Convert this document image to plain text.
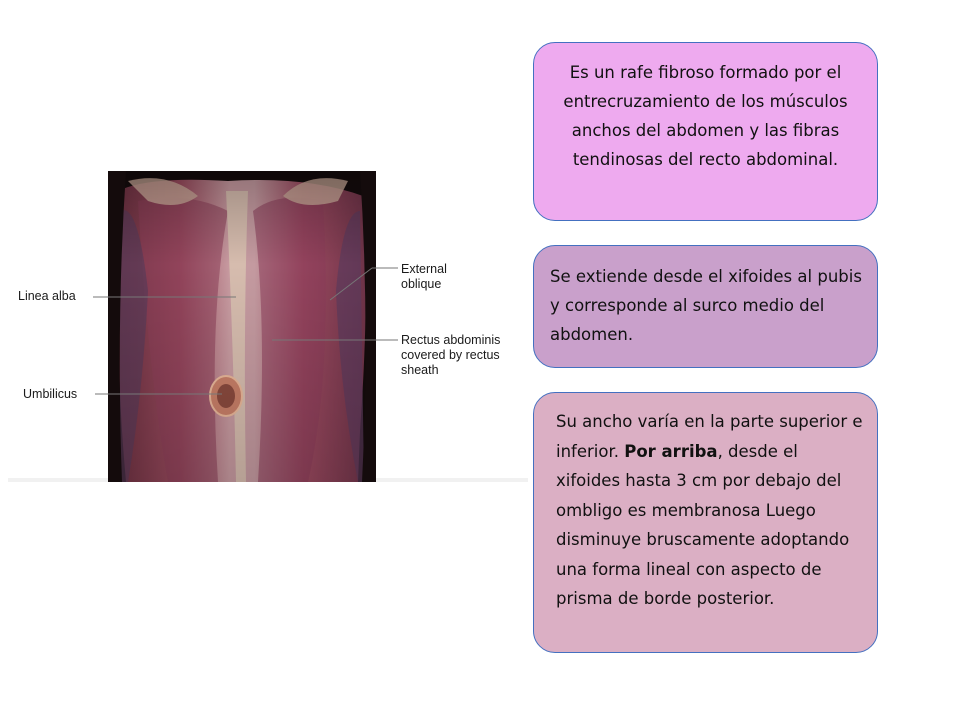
Linea alba
Umbilicus
External
oblique
Rectus abdominis
covered by rectus
sheath

Es un rafe fibroso formado por el entrecruzamiento de los músculos anchos del abdomen y las fibras tendinosas del recto abdominal.

Se extiende desde el xifoides al pubis y corresponde al surco medio del abdomen.

Su ancho varía en la parte superior e inferior. Por arriba, desde el xifoides hasta 3 cm por debajo del ombligo es membranosa Luego disminuye bruscamente adoptando una forma lineal con aspecto de prisma de borde posterior.
